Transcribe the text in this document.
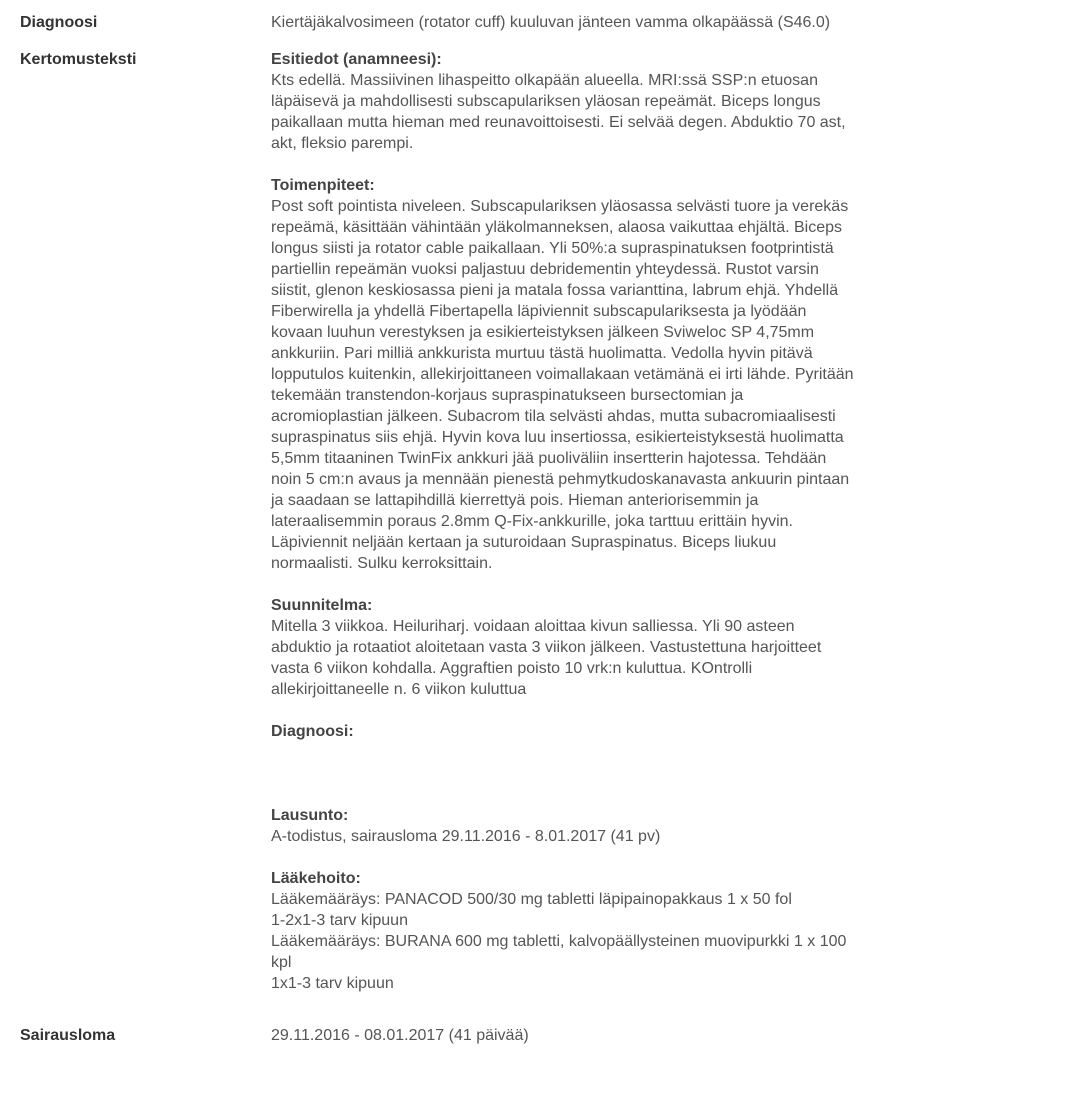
Diagnoosi	Kiertäjäkalvosimeen (rotator cuff) kuuluvan jänteen vamma olkapäässä (S46.0)
Kertomusteksti	Esitiedot (anamneesi):
Kts edellä. Massiivinen lihaspeitto olkapään alueella. MRI:ssä SSP:n etuosan läpäisevä ja mahdollisesti subscapulariksen yläosan repeämät. Biceps longus paikallaan mutta hieman med reunavoittoisesti. Ei selvää degen. Abduktio 70 ast, akt, fleksio parempi.
Toimenpiteet:
Post soft pointista niveleen. Subscapulariksen yläosassa selvästi tuore ja verekäs repeämä, käsittään vähintään yläkolmanneksen, alaosa vaikuttaa ehjältä. Biceps longus siisti ja rotator cable paikallaan. Yli 50%:a supraspinatuksen footprintistä partiellin repeämän vuoksi paljastuu debridementin yhteydessä. Rustot varsin siistit, glenon keskiosassa pieni ja matala fossa varianttina, labrum ehjä. Yhdellä Fiberwirella ja yhdellä Fibertapella läpiviennit subscapulariksesta ja lyödään kovaan luuhun verestyksen ja esikierteistyksen jälkeen Sviweloc SP 4,75mm ankkuriin. Pari milliä ankkurista murtuu tästä huolimatta. Vedolla hyvin pitävä lopputulos kuitenkin, allekirjoittaneen voimallakaan vetämänä ei irti lähde. Pyritään tekemään transtendon-korjaus supraspinatukseen bursectomian ja acromioplastian jälkeen. Subacrom tila selvästi ahdas, mutta subacromiaalisesti supraspinatus siis ehjä. Hyvin kova luu insertiossa, esikierteistyksestä huolimatta 5,5mm titaaninen TwinFix ankkuri jää puoliväliin insertterin hajotessa. Tehdään noin 5 cm:n avaus ja mennään pienestä pehmytkudoskanavasta ankuurin pintaan ja saadaan se lattapihdillä kierrettyä pois. Hieman anteriorisemmin ja lateraalisemmin poraus 2.8mm Q-Fix-ankkurille, joka tarttuu erittäin hyvin. Läpiviennit neljään kertaan ja suturoidaan Supraspinatus. Biceps liukuu normaalisti. Sulku kerroksittain.
Suunnitelma:
Mitella 3 viikkoa. Heiluriharj. voidaan aloittaa kivun salliessa. Yli 90 asteen abduktio ja rotaatiot aloitetaan vasta 3 viikon jälkeen. Vastustettuna harjoitteet vasta 6 viikon kohdalla. Aggraftien poisto 10 vrk:n kuluttua. KOntrolli allekirjoittaneelle n. 6 viikon kuluttua
Diagnoosi:
Lausunto:
A-todistus, sairausloma 29.11.2016 - 8.01.2017 (41 pv)
Lääkehoito:
Lääkemääräys: PANACOD 500/30 mg tabletti läpipainopakkaus 1 x 50 fol
1-2x1-3 tarv kipuun
Lääkemääräys: BURANA 600 mg tabletti, kalvopäällysteinen muovipurkki 1 x 100 kpl
1x1-3 tarv kipuun
Sairausloma	29.11.2016 - 08.01.2017 (41 päivää)
